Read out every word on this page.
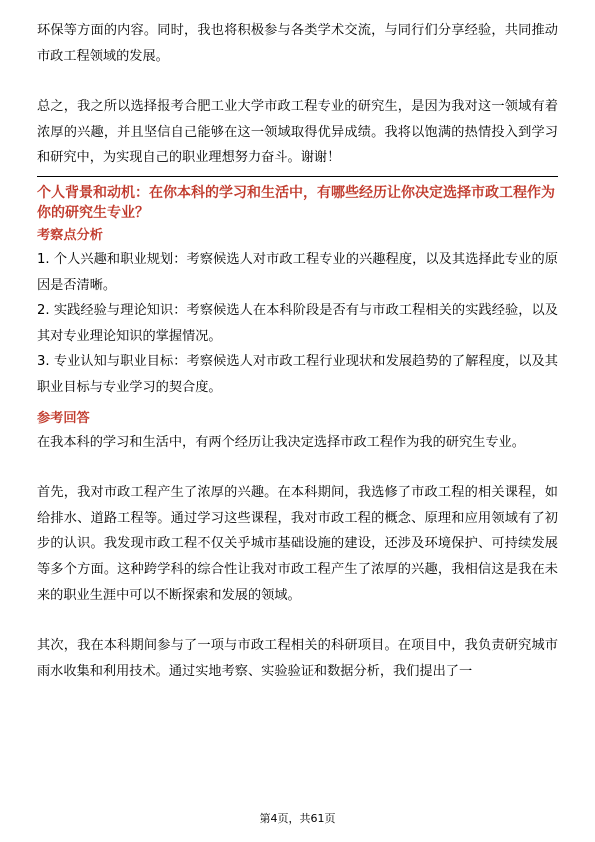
环保等方面的内容。同时，我也将积极参与各类学术交流，与同行们分享经验，共同推动市政工程领域的发展。

总之，我之所以选择报考合肥工业大学市政工程专业的研究生，是因为我对这一领域有着浓厚的兴趣，并且坚信自己能够在这一领域取得优异成绩。我将以饱满的热情投入到学习和研究中，为实现自己的职业理想努力奋斗。谢谢！

个人背景和动机：在你本科的学习和生活中，有哪些经历让你决定选择市政工程作为你的研究生专业？

考察点分析

1. 个人兴趣和职业规划：考察候选人对市政工程专业的兴趣程度，以及其选择此专业的原因是否清晰。

2. 实践经验与理论知识：考察候选人在本科阶段是否有与市政工程相关的实践经验，以及其对专业理论知识的掌握情况。

3. 专业认知与职业目标：考察候选人对市政工程行业现状和发展趋势的了解程度，以及其职业目标与专业学习的契合度。

参考回答

在我本科的学习和生活中，有两个经历让我决定选择市政工程作为我的研究生专业。

首先，我对市政工程产生了浓厚的兴趣。在本科期间，我选修了市政工程的相关课程，如给排水、道路工程等。通过学习这些课程，我对市政工程的概念、原理和应用领域有了初步的认识。我发现市政工程不仅关乎城市基础设施的建设，还涉及环境保护、可持续发展等多个方面。这种跨学科的综合性让我对市政工程产生了浓厚的兴趣，我相信这是我在未来的职业生涯中可以不断探索和发展的领域。

其次，我在本科期间参与了一项与市政工程相关的科研项目。在项目中，我负责研究城市雨水收集和利用技术。通过实地考察、实验验证和数据分析，我们提出了一

第4页，共61页
